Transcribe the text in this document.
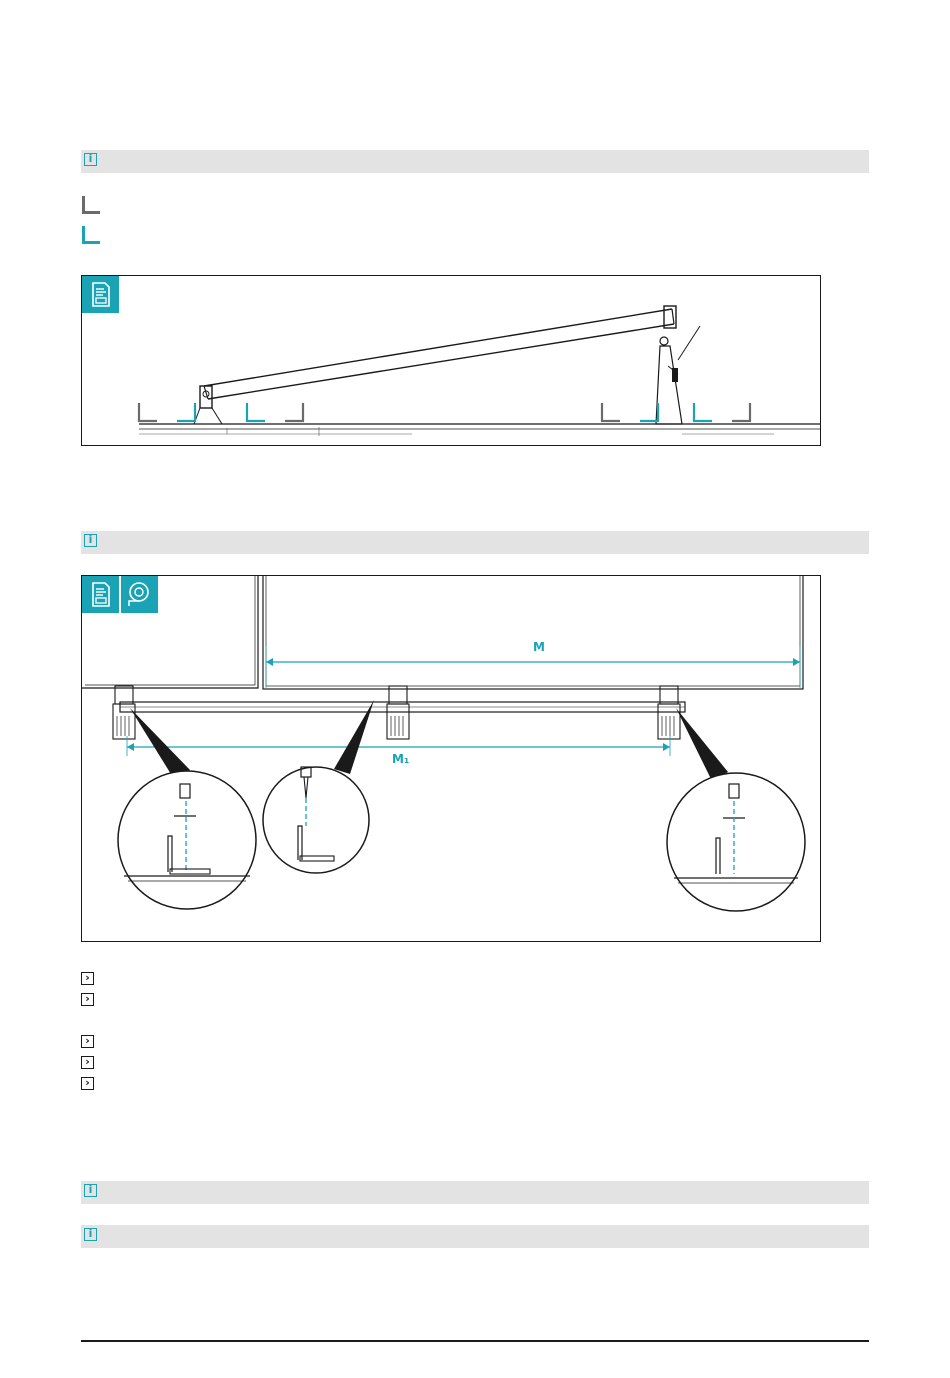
i
i
M
M₁
›
›
›
›
›
i
i
